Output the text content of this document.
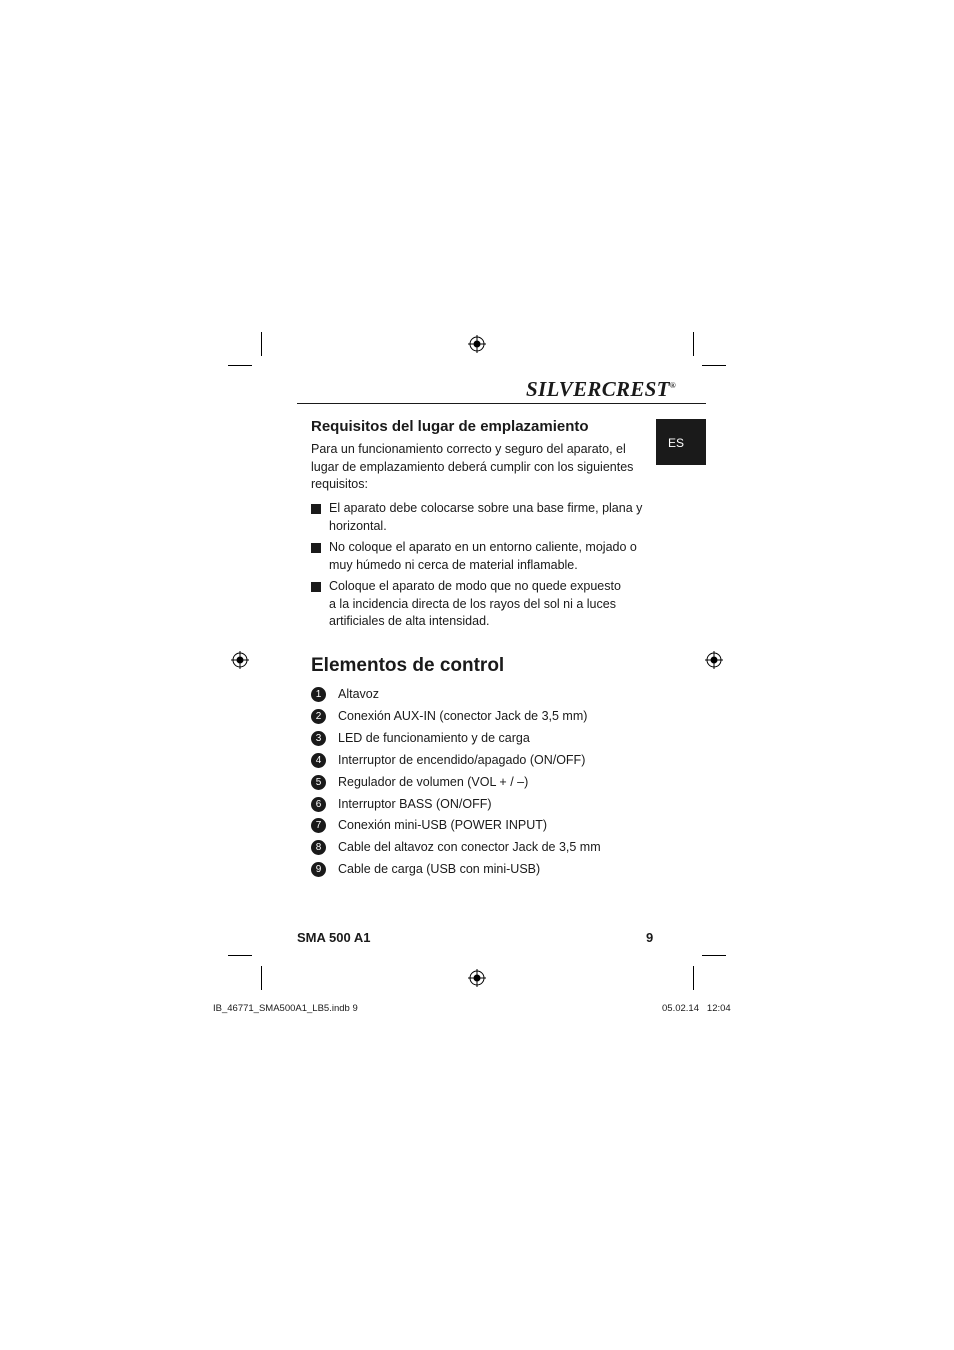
SILVERCREST®
ES
Requisitos del lugar de emplazamiento

Para un funcionamiento correcto y seguro del aparato, el lugar de emplazamiento deberá cumplir con los siguientes requisitos:

El aparato debe colocarse sobre una base firme, plana y horizontal.
No coloque el aparato en un entorno caliente, mojado o muy húmedo ni cerca de material inflamable.
Coloque el aparato de modo que no quede expuesto a la incidencia directa de los rayos del sol ni a luces artificiales de alta intensidad.
Elementos de control
1	Altavoz
2	Conexión AUX-IN (conector Jack de 3,5 mm)
3	LED de funcionamiento y de carga
4	Interruptor de encendido/apagado (ON/OFF)
5	Regulador de volumen (VOL + / –)
6	Interruptor BASS (ON/OFF)
7	Conexión mini-USB (POWER INPUT)
8	Cable del altavoz con conector Jack de 3,5 mm
9	Cable de carga (USB con mini-USB)
SMA 500 A1	9
IB_46771_SMA500A1_LB5.indb 9	05.02.14 12:04
